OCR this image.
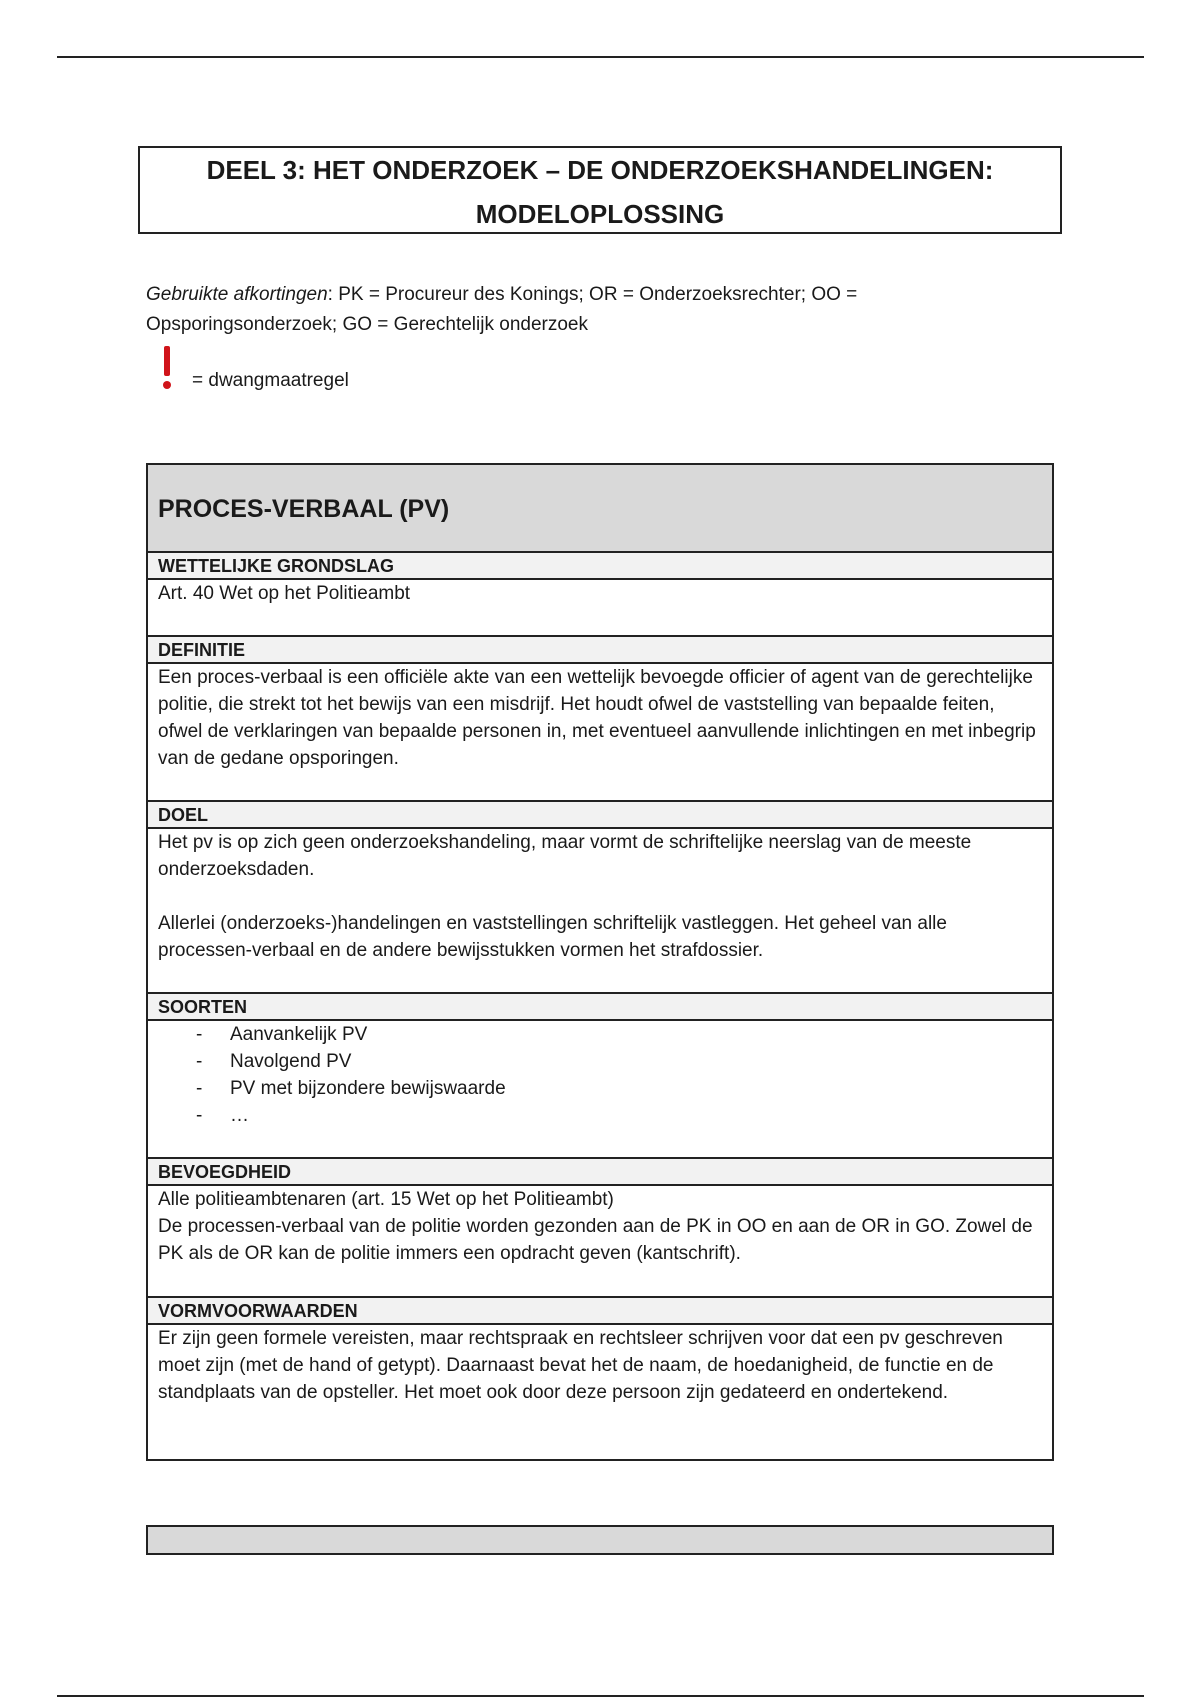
DEEL 3: HET ONDERZOEK – DE ONDERZOEKSHANDELINGEN:
MODELOPLOSSING
Gebruikte afkortingen: PK = Procureur des Konings; OR = Onderzoeksrechter; OO =
Opsporingsonderzoek; GO = Gerechtelijk onderzoek
= dwangmaatregel
PROCES-VERBAAL (PV)
WETTELIJKE GRONDSLAG

Art. 40 Wet op het Politieambt

DEFINITIE

Een proces-verbaal is een officiële akte van een wettelijk bevoegde officier of agent van de gerechtelijke politie, die strekt tot het bewijs van een misdrijf. Het houdt ofwel de vaststelling van bepaalde feiten, ofwel de verklaringen van bepaalde personen in, met eventueel aanvullende inlichtingen en met inbegrip van de gedane opsporingen.

DOEL

Het pv is op zich geen onderzoekshandeling, maar vormt de schriftelijke neerslag van de meeste onderzoeksdaden.

Allerlei (onderzoeks-)handelingen en vaststellingen schriftelijk vastleggen. Het geheel van alle processen-verbaal en de andere bewijsstukken vormen het strafdossier.

SOORTEN
- Aanvankelijk PV
- Navolgend PV
- PV met bijzondere bewijswaarde
- …
BEVOEGDHEID

Alle politieambtenaren (art. 15 Wet op het Politieambt)

De processen-verbaal van de politie worden gezonden aan de PK in OO en aan de OR in GO. Zowel de PK als de OR kan de politie immers een opdracht geven (kantschrift).

VORMVOORWAARDEN

Er zijn geen formele vereisten, maar rechtspraak en rechtsleer schrijven voor dat een pv geschreven moet zijn (met de hand of getypt). Daarnaast bevat het de naam, de hoedanigheid, de functie en de standplaats van de opsteller. Het moet ook door deze persoon zijn gedateerd en ondertekend.
